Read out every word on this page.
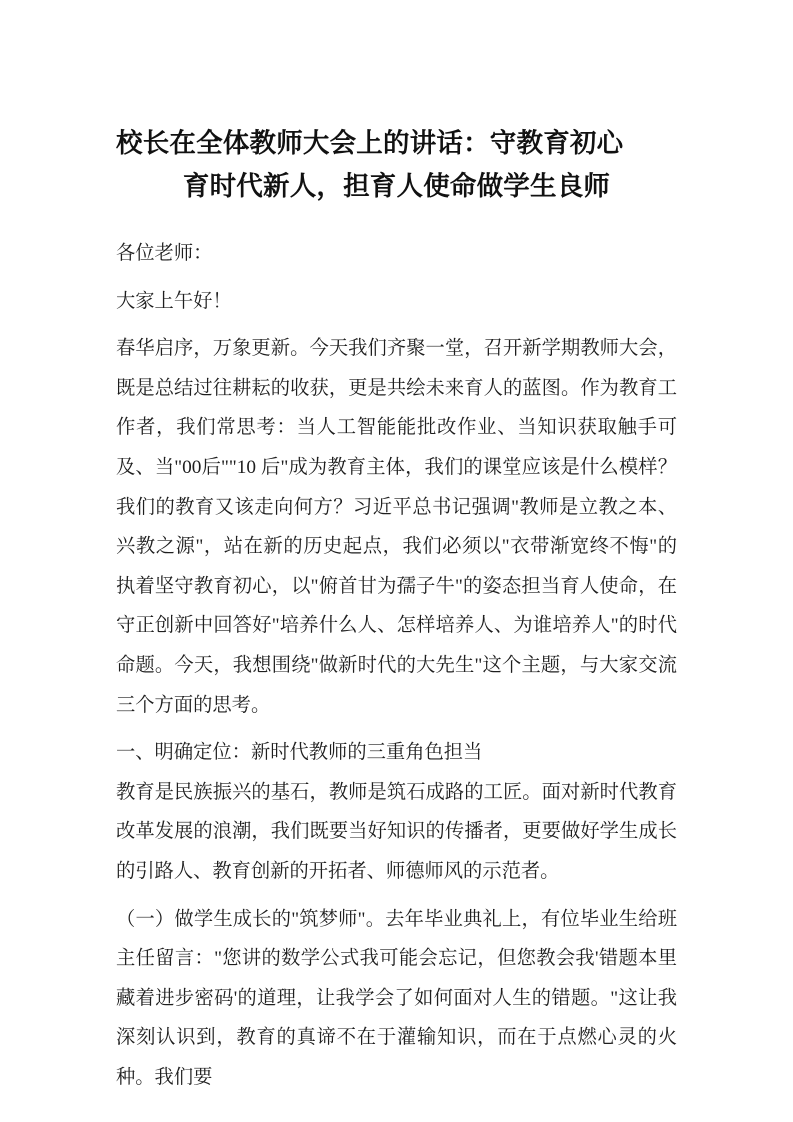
校长在全体教师大会上的讲话：守教育初心
育时代新人，担育人使命做学生良师

各位老师：

大家上午好！

春华启序，万象更新。今天我们齐聚一堂，召开新学期教师大会，既是总结过往耕耘的收获，更是共绘未来育人的蓝图。作为教育工作者，我们常思考：当人工智能能批改作业、当知识获取触手可及、当"00后""10 后"成为教育主体，我们的课堂应该是什么模样？我们的教育又该走向何方？习近平总书记强调"教师是立教之本、兴教之源"，站在新的历史起点，我们必须以"衣带渐宽终不悔"的执着坚守教育初心，以"俯首甘为孺子牛"的姿态担当育人使命，在守正创新中回答好"培养什么人、怎样培养人、为谁培养人"的时代命题。今天，我想围绕"做新时代的大先生"这个主题，与大家交流三个方面的思考。

一、明确定位：新时代教师的三重角色担当

教育是民族振兴的基石，教师是筑石成路的工匠。面对新时代教育改革发展的浪潮，我们既要当好知识的传播者，更要做好学生成长的引路人、教育创新的开拓者、师德师风的示范者。

（一）做学生成长的"筑梦师"。去年毕业典礼上，有位毕业生给班主任留言："您讲的数学公式我可能会忘记，但您教会我'错题本里藏着进步密码'的道理，让我学会了如何面对人生的错题。"这让我深刻认识到，教育的真谛不在于灌输知识，而在于点燃心灵的火种。我们要
